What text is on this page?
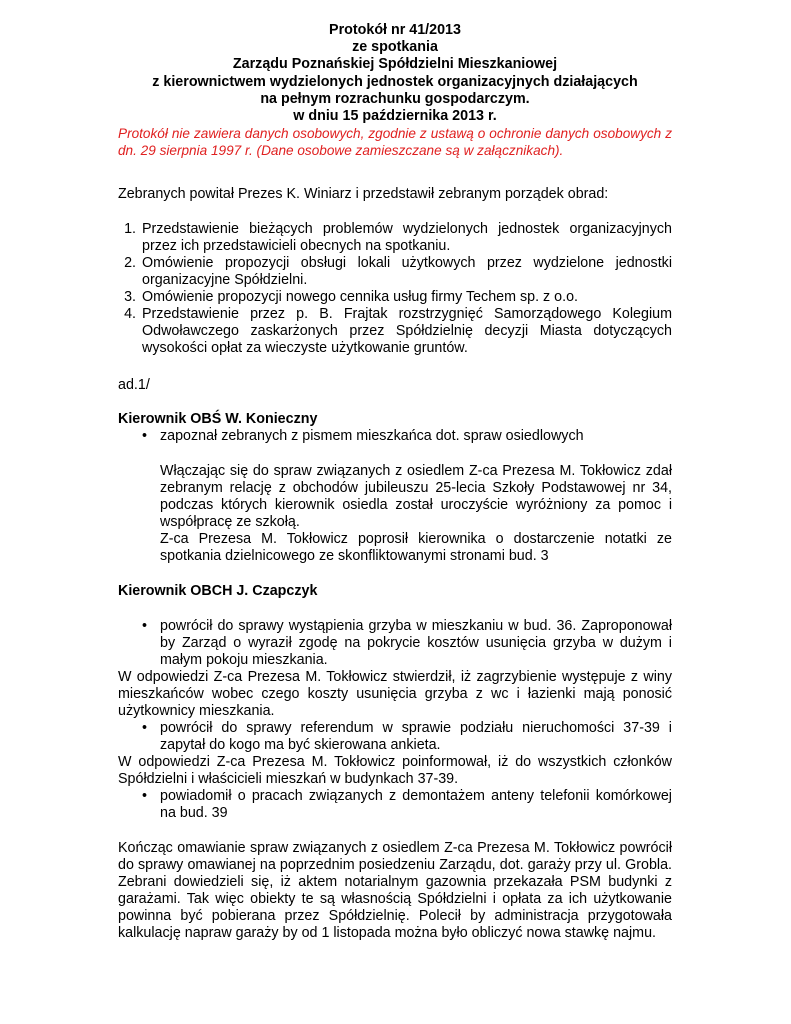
Protokół nr 41/2013
ze spotkania
Zarządu Poznańskiej Spółdzielni Mieszkaniowej
z kierownictwem wydzielonych jednostek organizacyjnych działających
na pełnym rozrachunku gospodarczym.
w dniu 15 października 2013 r.

Protokół nie zawiera danych osobowych, zgodnie z ustawą o ochronie danych osobowych z dn. 29 sierpnia 1997 r. (Dane osobowe zamieszczane są w załącznikach).

Zebranych powitał Prezes K. Winiarz i przedstawił zebranym porządek obrad:

1. Przedstawienie bieżących problemów wydzielonych jednostek organizacyjnych przez ich przedstawicieli obecnych na spotkaniu.
2. Omówienie propozycji obsługi lokali użytkowych przez wydzielone jednostki organizacyjne Spółdzielni.
3. Omówienie propozycji nowego cennika usług firmy Techem sp. z o.o.
4. Przedstawienie przez p. B. Frajtak rozstrzygnięć Samorządowego Kolegium Odwoławczego zaskarżonych przez Spółdzielnię decyzji Miasta dotyczących wysokości opłat za wieczyste użytkowanie gruntów.

ad.1/

Kierownik OBŚ W. Konieczny
• zapoznał zebranych z pismem mieszkańca dot. spraw osiedlowych

Włączając się do spraw związanych z osiedlem Z-ca Prezesa M. Tokłowicz zdał zebranym relację z obchodów jubileuszu 25-lecia Szkoły Podstawowej nr 34, podczas których kierownik osiedla został uroczyście wyróżniony za pomoc i współpracę ze szkołą.

Z-ca Prezesa M. Tokłowicz poprosił kierownika o dostarczenie notatki ze spotkania dzielnicowego ze skonfliktowanymi stronami bud. 3

Kierownik OBCH J. Czapczyk
• powrócił do sprawy wystąpienia grzyba w mieszkaniu w bud. 36. Zaproponował by Zarząd o wyraził zgodę na pokrycie kosztów usunięcia grzyba w dużym i małym pokoju mieszkania.

W odpowiedzi Z-ca Prezesa M. Tokłowicz stwierdził, iż zagrzybienie występuje z winy mieszkańców wobec czego koszty usunięcia grzyba z wc i łazienki mają ponosić użytkownicy mieszkania.

• powrócił do sprawy referendum w sprawie podziału nieruchomości 37-39 i zapytał do kogo ma być skierowana ankieta.

W odpowiedzi Z-ca Prezesa M. Tokłowicz poinformował, iż do wszystkich członków Spółdzielni i właścicieli mieszkań w budynkach 37-39.

• powiadomił o pracach związanych z demontażem anteny telefonii komórkowej na bud. 39

Kończąc omawianie spraw związanych z osiedlem Z-ca Prezesa M. Tokłowicz powrócił do sprawy omawianej na poprzednim posiedzeniu Zarządu, dot. garaży przy ul. Grobla. Zebrani dowiedzieli się, iż aktem notarialnym gazownia przekazała PSM budynki z garażami. Tak więc obiekty te są własnością Spółdzielni i opłata za ich użytkowanie powinna być pobierana przez Spółdzielnię. Polecił by administracja przygotowała kalkulację napraw garaży by od 1 listopada można było obliczyć nowa stawkę najmu.
